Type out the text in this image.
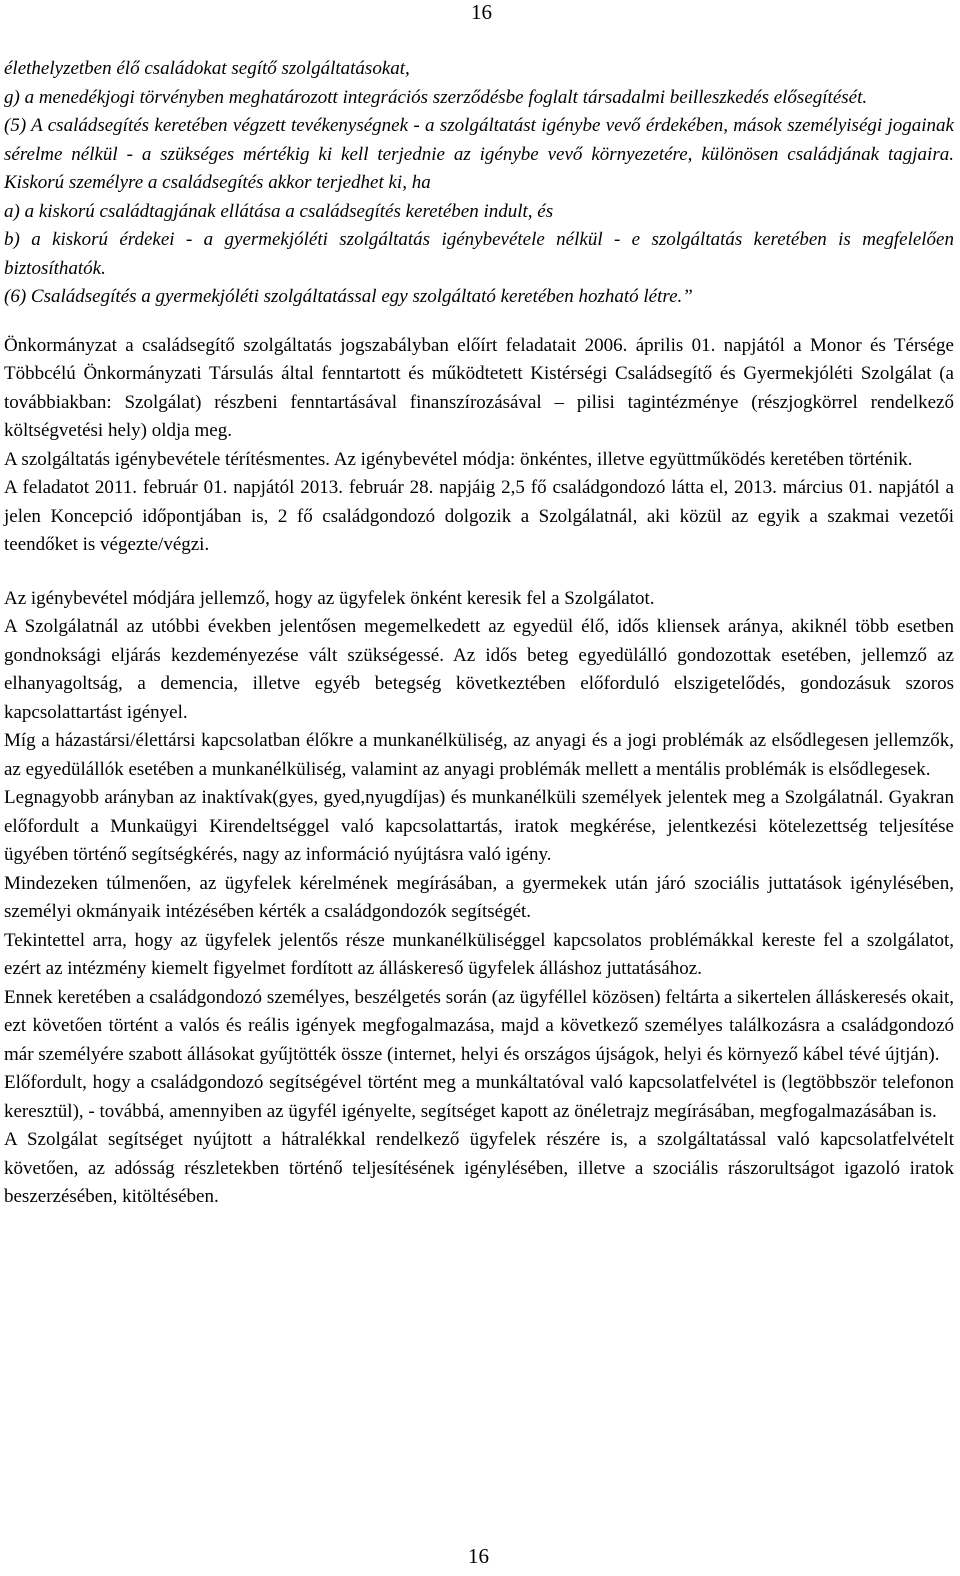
16

élethelyzetben élő családokat segítő szolgáltatásokat,

g) a menedékjogi törvényben meghatározott integrációs szerződésbe foglalt társadalmi beilleszkedés elősegítését.

(5) A családsegítés keretében végzett tevékenységnek - a szolgáltatást igénybe vevő érdekében, mások személyiségi jogainak sérelme nélkül - a szükséges mértékig ki kell terjednie az igénybe vevő környezetére, különösen családjának tagjaira. Kiskorú személyre a családsegítés akkor terjedhet ki, ha

a) a kiskorú családtagjának ellátása a családsegítés keretében indult, és

b) a kiskorú érdekei - a gyermekjóléti szolgáltatás igénybevétele nélkül - e szolgáltatás keretében is megfelelően biztosíthatók.

(6) Családsegítés a gyermekjóléti szolgáltatással egy szolgáltató keretében hozható létre.”

Önkormányzat a családsegítő szolgáltatás jogszabályban előírt feladatait 2006. április 01. napjától a Monor és Térsége Többcélú Önkormányzati Társulás által fenntartott és működtetett Kistérségi Családsegítő és Gyermekjóléti Szolgálat (a továbbiakban: Szolgálat) részbeni fenntartásával finanszírozásával – pilisi tagintézménye (részjogkörrel rendelkező költségvetési hely) oldja meg.

A szolgáltatás igénybevétele térítésmentes. Az igénybevétel módja: önkéntes, illetve együttműködés keretében történik.

A feladatot 2011. február 01. napjától 2013. február 28. napjáig 2,5 fő családgondozó látta el, 2013. március 01. napjától a jelen Koncepció időpontjában is, 2 fő családgondozó dolgozik a Szolgálatnál, aki közül az egyik a szakmai vezetői teendőket is végezte/végzi.

Az igénybevétel módjára jellemző, hogy az ügyfelek önként keresik fel a Szolgálatot.

A Szolgálatnál az utóbbi években jelentősen megemelkedett az egyedül élő, idős kliensek aránya, akiknél több esetben gondnoksági eljárás kezdeményezése vált szükségessé. Az idős beteg egyedülálló gondozottak esetében, jellemző az elhanyagoltság, a demencia, illetve egyéb betegség következtében előforduló elszigetelődés, gondozásuk szoros kapcsolattartást igényel.

Míg a házastársi/élettársi kapcsolatban élőkre a munkanélküliség, az anyagi és a jogi problémák az elsődlegesen jellemzők, az egyedülállók esetében a munkanélküliség, valamint az anyagi problémák mellett a mentális problémák is elsődlegesek.

Legnagyobb arányban az inaktívak(gyes, gyed,nyugdíjas) és munkanélküli személyek jelentek meg a Szolgálatnál. Gyakran előfordult a Munkaügyi Kirendeltséggel való kapcsolattartás, iratok megkérése, jelentkezési kötelezettség teljesítése ügyében történő segítségkérés, nagy az információ nyújtásra való igény.

Mindezeken túlmenően, az ügyfelek kérelmének megírásában, a gyermekek után járó szociális juttatások igénylésében, személyi okmányaik intézésében kérték a családgondozók segítségét.

Tekintettel arra, hogy az ügyfelek jelentős része munkanélküliséggel kapcsolatos problémákkal kereste fel a szolgálatot, ezért az intézmény kiemelt figyelmet fordított az álláskereső ügyfelek álláshoz juttatásához.

Ennek keretében a családgondozó személyes, beszélgetés során (az ügyféllel közösen) feltárta a sikertelen álláskeresés okait, ezt követően történt a valós és reális igények megfogalmazása, majd a következő személyes találkozásra a családgondozó már személyére szabott állásokat gyűjtötték össze (internet, helyi és országos újságok, helyi és környező kábel tévé újtján).

Előfordult, hogy a családgondozó segítségével történt meg a munkáltatóval való kapcsolatfelvétel is (legtöbbször telefonon keresztül), - továbbá, amennyiben az ügyfél igényelte, segítséget kapott az önéletrajz megírásában, megfogalmazásában is.

A Szolgálat segítséget nyújtott a hátralékkal rendelkező ügyfelek részére is, a szolgáltatással való kapcsolatfelvételt követően, az adósság részletekben történő teljesítésének igénylésében, illetve a szociális rászorultságot igazoló iratok beszerzésében, kitöltésében.

16
